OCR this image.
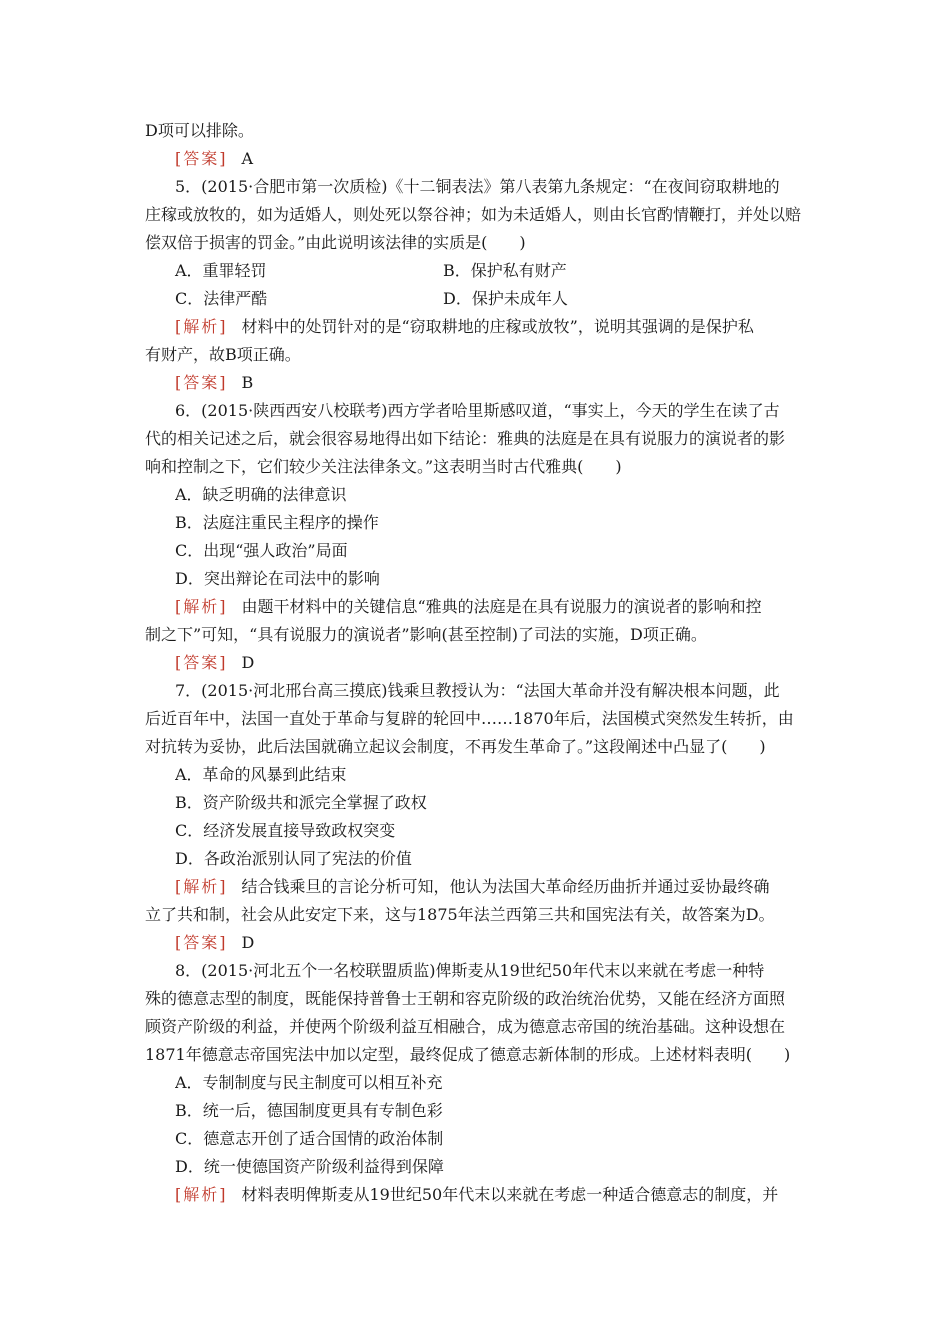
D项可以排除。
[答案] A
5．(2015·合肥市第一次质检)《十二铜表法》第八表第九条规定：“在夜间窃取耕地的
庄稼或放牧的，如为适婚人，则处死以祭谷神；如为未适婚人，则由长官酌情鞭打，并处以赔
偿双倍于损害的罚金。”由此说明该法律的实质是(　　)
A．重罪轻罚	B．保护私有财产
C．法律严酷	D．保护未成年人
[解析] 材料中的处罚针对的是“窃取耕地的庄稼或放牧”，说明其强调的是保护私
有财产，故B项正确。
[答案] B
6．(2015·陕西西安八校联考)西方学者哈里斯感叹道，“事实上，今天的学生在读了古
代的相关记述之后，就会很容易地得出如下结论：雅典的法庭是在具有说服力的演说者的影
响和控制之下，它们较少关注法律条文。”这表明当时古代雅典(　　)
A．缺乏明确的法律意识
B．法庭注重民主程序的操作
C．出现“强人政治”局面
D．突出辩论在司法中的影响
[解析] 由题干材料中的关键信息“雅典的法庭是在具有说服力的演说者的影响和控
制之下”可知，“具有说服力的演说者”影响(甚至控制)了司法的实施，D项正确。
[答案] D
7．(2015·河北邢台高三摸底)钱乘旦教授认为：“法国大革命并没有解决根本问题，此
后近百年中，法国一直处于革命与复辟的轮回中……1870年后，法国模式突然发生转折，由
对抗转为妥协，此后法国就确立起议会制度，不再发生革命了。”这段阐述中凸显了(　　)
A．革命的风暴到此结束
B．资产阶级共和派完全掌握了政权
C．经济发展直接导致政权突变
D．各政治派别认同了宪法的价值
[解析] 结合钱乘旦的言论分析可知，他认为法国大革命经历曲折并通过妥协最终确
立了共和制，社会从此安定下来，这与1875年法兰西第三共和国宪法有关，故答案为D。
[答案] D
8．(2015·河北五个一名校联盟质监)俾斯麦从19世纪50年代末以来就在考虑一种特
殊的德意志型的制度，既能保持普鲁士王朝和容克阶级的政治统治优势，又能在经济方面照
顾资产阶级的利益，并使两个阶级利益互相融合，成为德意志帝国的统治基础。这种设想在
1871年德意志帝国宪法中加以定型，最终促成了德意志新体制的形成。上述材料表明(　　)
A．专制制度与民主制度可以相互补充
B．统一后，德国制度更具有专制色彩
C．德意志开创了适合国情的政治体制
D．统一使德国资产阶级利益得到保障
[解析] 材料表明俾斯麦从19世纪50年代末以来就在考虑一种适合德意志的制度，并
